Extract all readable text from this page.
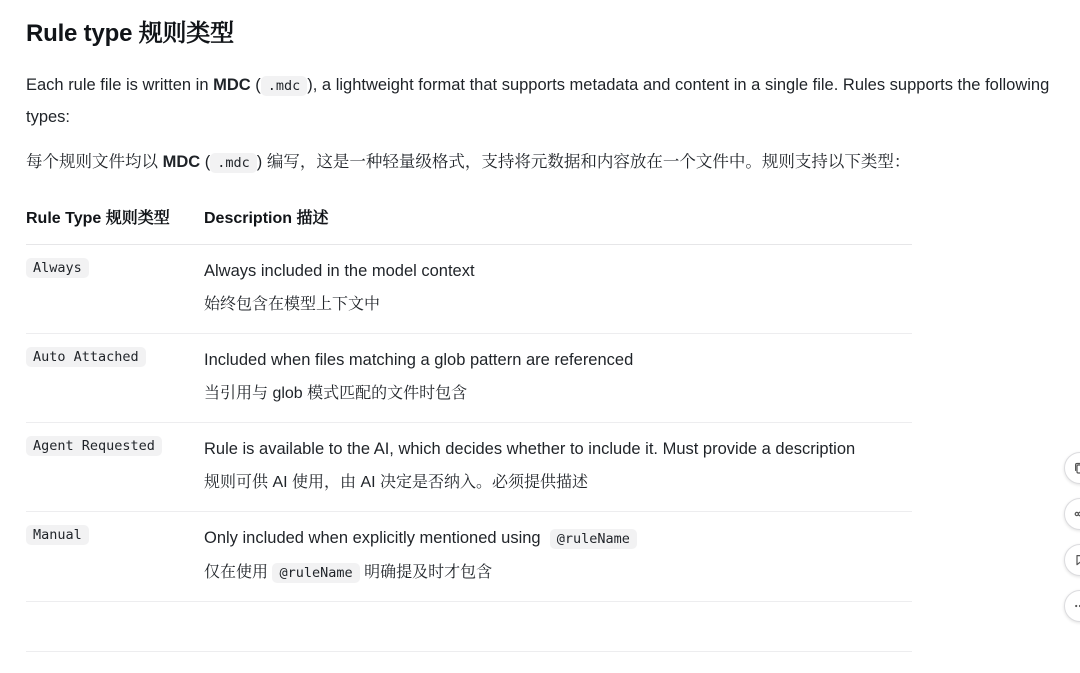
Rule type 规则类型

Each rule file is written in MDC ( .mdc ), a lightweight format that supports metadata and content in a single file. Rules supports the following types:

每个规则文件均以 MDC ( .mdc ) 编写，这是一种轻量级格式，支持将元数据和内容放在一个文件中。规则支持以下类型：

Rule Type 规则类型	Description 描述
Always	Always included in the model context
始终包含在模型上下文中

Auto Attached	Included when files matching a glob pattern are referenced
当引用与 glob 模式匹配的文件时包含

Agent Requested	Rule is available to the AI, which decides whether to include it. Must provide a description
规则可供 AI 使用，由 AI 决定是否纳入。必须提供描述

Manual	Only included when explicitly mentioned using @ruleName
仅在使用 @ruleName 明确提及时才包含
